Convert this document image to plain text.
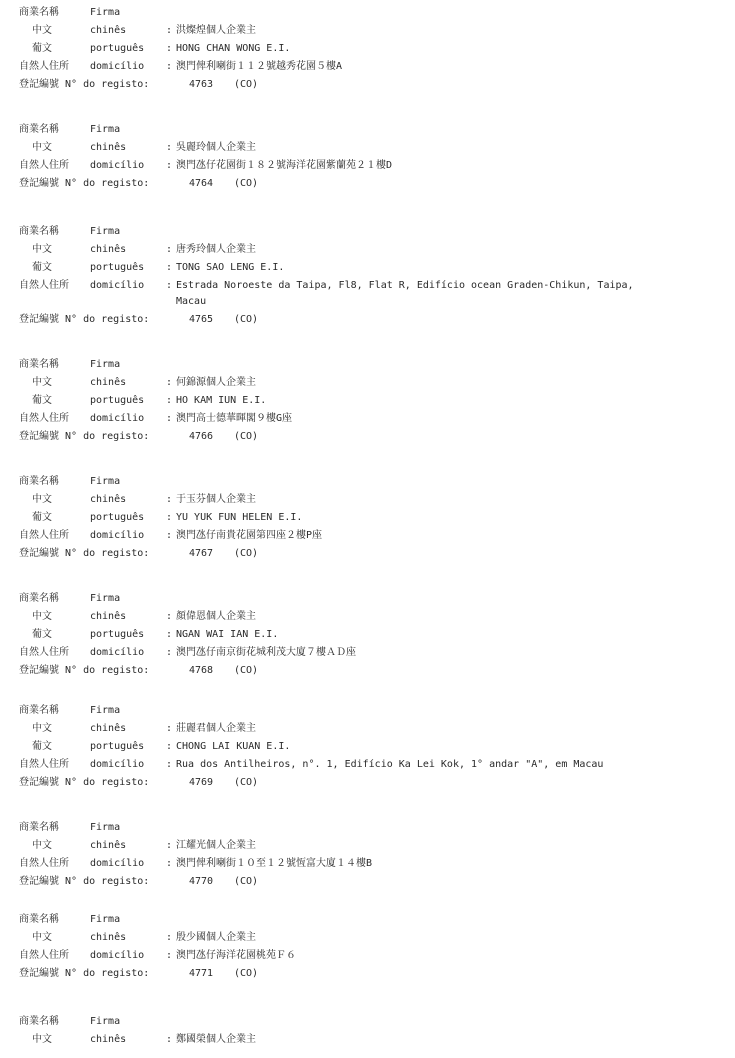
商業名稱	Firma
中文	chinês	: 洪燦煌個人企業主
葡文	português : HONG CHAN WONG E.I.
自然人住所 domicílio : 澳門俾利喇街１１２號越秀花園５樓A
登記編號 N° do registo:	4763 (CO)
商業名稱	Firma
中文	chinês	: 吳麗玲個人企業主
自然人住所 domicílio : 澳門氹仔花園街１８２號海洋花園紫蘭苑２１樓D
登記編號 N° do registo:	4764 (CO)
商業名稱	Firma
中文	chinês	: 唐秀玲個人企業主
葡文	português : TONG SAO LENG E.I.
自然人住所 domicílio : Estrada Noroeste da Taipa, Fl8, Flat R, Edifício ocean Graden-Chikun, Taipa,
Macau
登記編號 N° do registo:	4765 (CO)
商業名稱	Firma
中文	chinês	: 何錦源個人企業主
葡文	português : HO KAM IUN E.I.
自然人住所 domicílio : 澳門高士德華暉閣９樓G座
登記編號 N° do registo:	4766 (CO)
商業名稱	Firma
中文	chinês	: 于玉芬個人企業主
葡文	português : YU YUK FUN HELEN E.I.
自然人住所 domicílio : 澳門氹仔南貴花園第四座２樓P座
登記編號 N° do registo:	4767 (CO)
商業名稱	Firma
中文	chinês	: 顏偉恩個人企業主
葡文	português : NGAN WAI IAN E.I.
自然人住所 domicílio : 澳門氹仔南京街花城利茂大廈７樓ＡＤ座
登記編號 N° do registo:	4768 (CO)
商業名稱	Firma
中文	chinês	: 莊麗君個人企業主
葡文	português : CHONG LAI KUAN E.I.
自然人住所 domicílio : Rua dos Antilheiros, n°. 1, Edifício Ka Lei Kok, 1° andar "A", em Macau
登記編號 N° do registo:	4769 (CO)
商業名稱	Firma
中文	chinês	: 江耀光個人企業主
自然人住所 domicílio : 澳門俾利喇街１０至１２號恆富大廈１４樓B
登記編號 N° do registo:	4770 (CO)
商業名稱	Firma
中文	chinês	: 殷少國個人企業主
自然人住所 domicílio : 澳門氹仔海洋花園桃苑Ｆ６
登記編號 N° do registo:	4771 (CO)
商業名稱	Firma
中文	chinês	: 鄭國榮個人企業主
